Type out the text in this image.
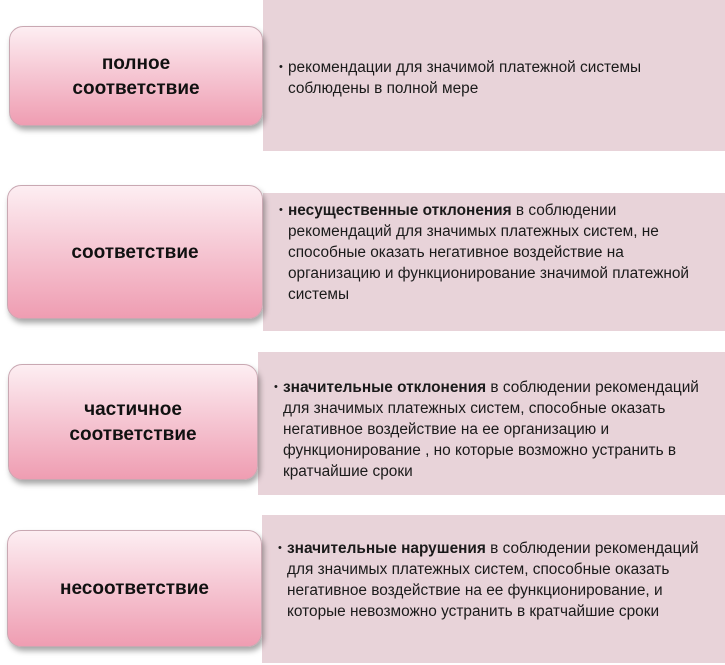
• рекомендации для значимой платежной системы соблюдены в полной мере
полное
соответствие
• несущественные отклонения в соблюдении рекомендаций для значимых платежных систем, не способные оказать негативное воздействие на организацию и функционирование значимой платежной системы
соответствие
• значительные отклонения в соблюдении рекомендаций для значимых платежных систем, способные оказать негативное воздействие на ее организацию и функционирование , но которые возможно устранить в кратчайшие сроки
частичное
соответствие
• значительные нарушения в соблюдении рекомендаций для значимых платежных систем, способные оказать негативное воздействие на ее функционирование, и которые невозможно устранить в кратчайшие сроки
несоответствие
